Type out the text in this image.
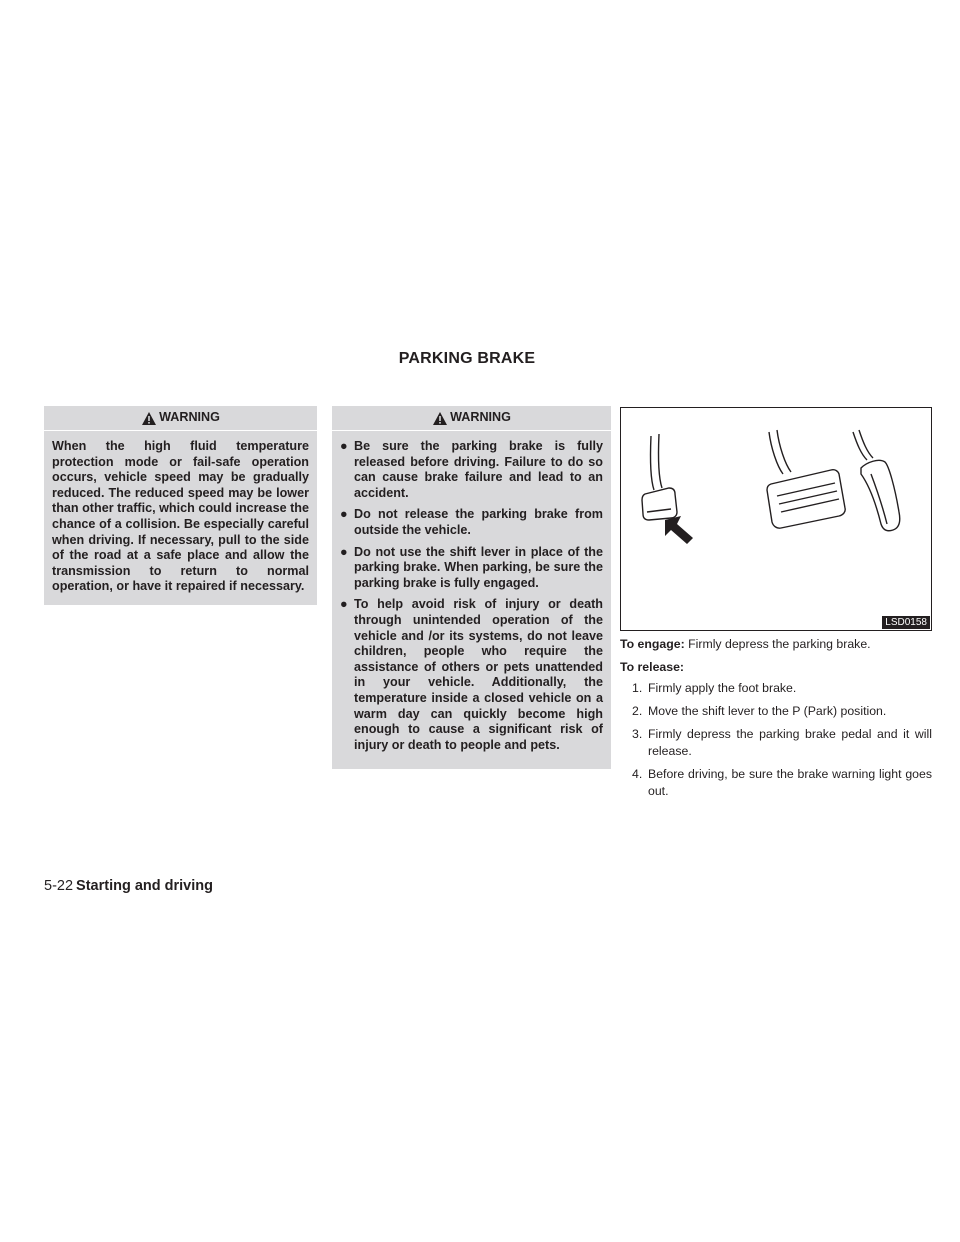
PARKING BRAKE
WARNING
When the high fluid temperature protection mode or fail-safe operation occurs, vehicle speed may be gradually reduced. The reduced speed may be lower than other traffic, which could increase the chance of a collision. Be especially careful when driving. If necessary, pull to the side of the road at a safe place and allow the transmission to return to normal operation, or have it repaired if necessary.
WARNING
● Be sure the parking brake is fully released before driving. Failure to do so can cause brake failure and lead to an accident.
● Do not release the parking brake from outside the vehicle.
● Do not use the shift lever in place of the parking brake. When parking, be sure the parking brake is fully engaged.
● To help avoid risk of injury or death through unintended operation of the vehicle and /or its systems, do not leave children, people who require the assistance of others or pets unattended in your vehicle. Additionally, the temperature inside a closed vehicle on a warm day can quickly become high enough to cause a significant risk of injury or death to people and pets.
LSD0158

To engage: Firmly depress the parking brake.

To release:

1. Firmly apply the foot brake.
2. Move the shift lever to the P (Park) position.
3. Firmly depress the parking brake pedal and it will release.
4. Before driving, be sure the brake warning light goes out.
5-22 Starting and driving
